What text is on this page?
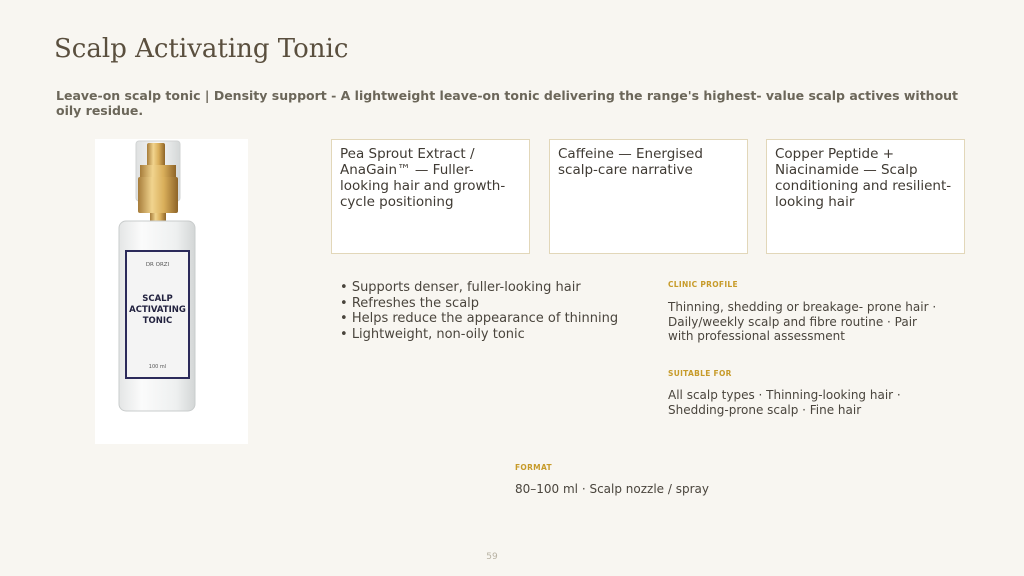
Scalp Activating Tonic
Leave-on scalp tonic | Density support - A lightweight leave-on tonic delivering the range's highest- value scalp actives without oily residue.
DR ORZI
SCALP
ACTIVATING
TONIC
100 ml
Pea Sprout Extract / AnaGain™ — Fuller-looking hair and growth-cycle positioning
Caffeine — Energised scalp-care narrative
Copper Peptide + Niacinamide — Scalp conditioning and resilient-looking hair
• Supports denser, fuller-looking hair
• Refreshes the scalp
• Helps reduce the appearance of thinning
• Lightweight, non-oily tonic
CLINIC PROFILE
Thinning, shedding or breakage- prone hair · Daily/weekly scalp and fibre routine · Pair with professional assessment
SUITABLE FOR
All scalp types · Thinning-looking hair · Shedding-prone scalp · Fine hair
FORMAT
80–100 ml · Scalp nozzle / spray
59
